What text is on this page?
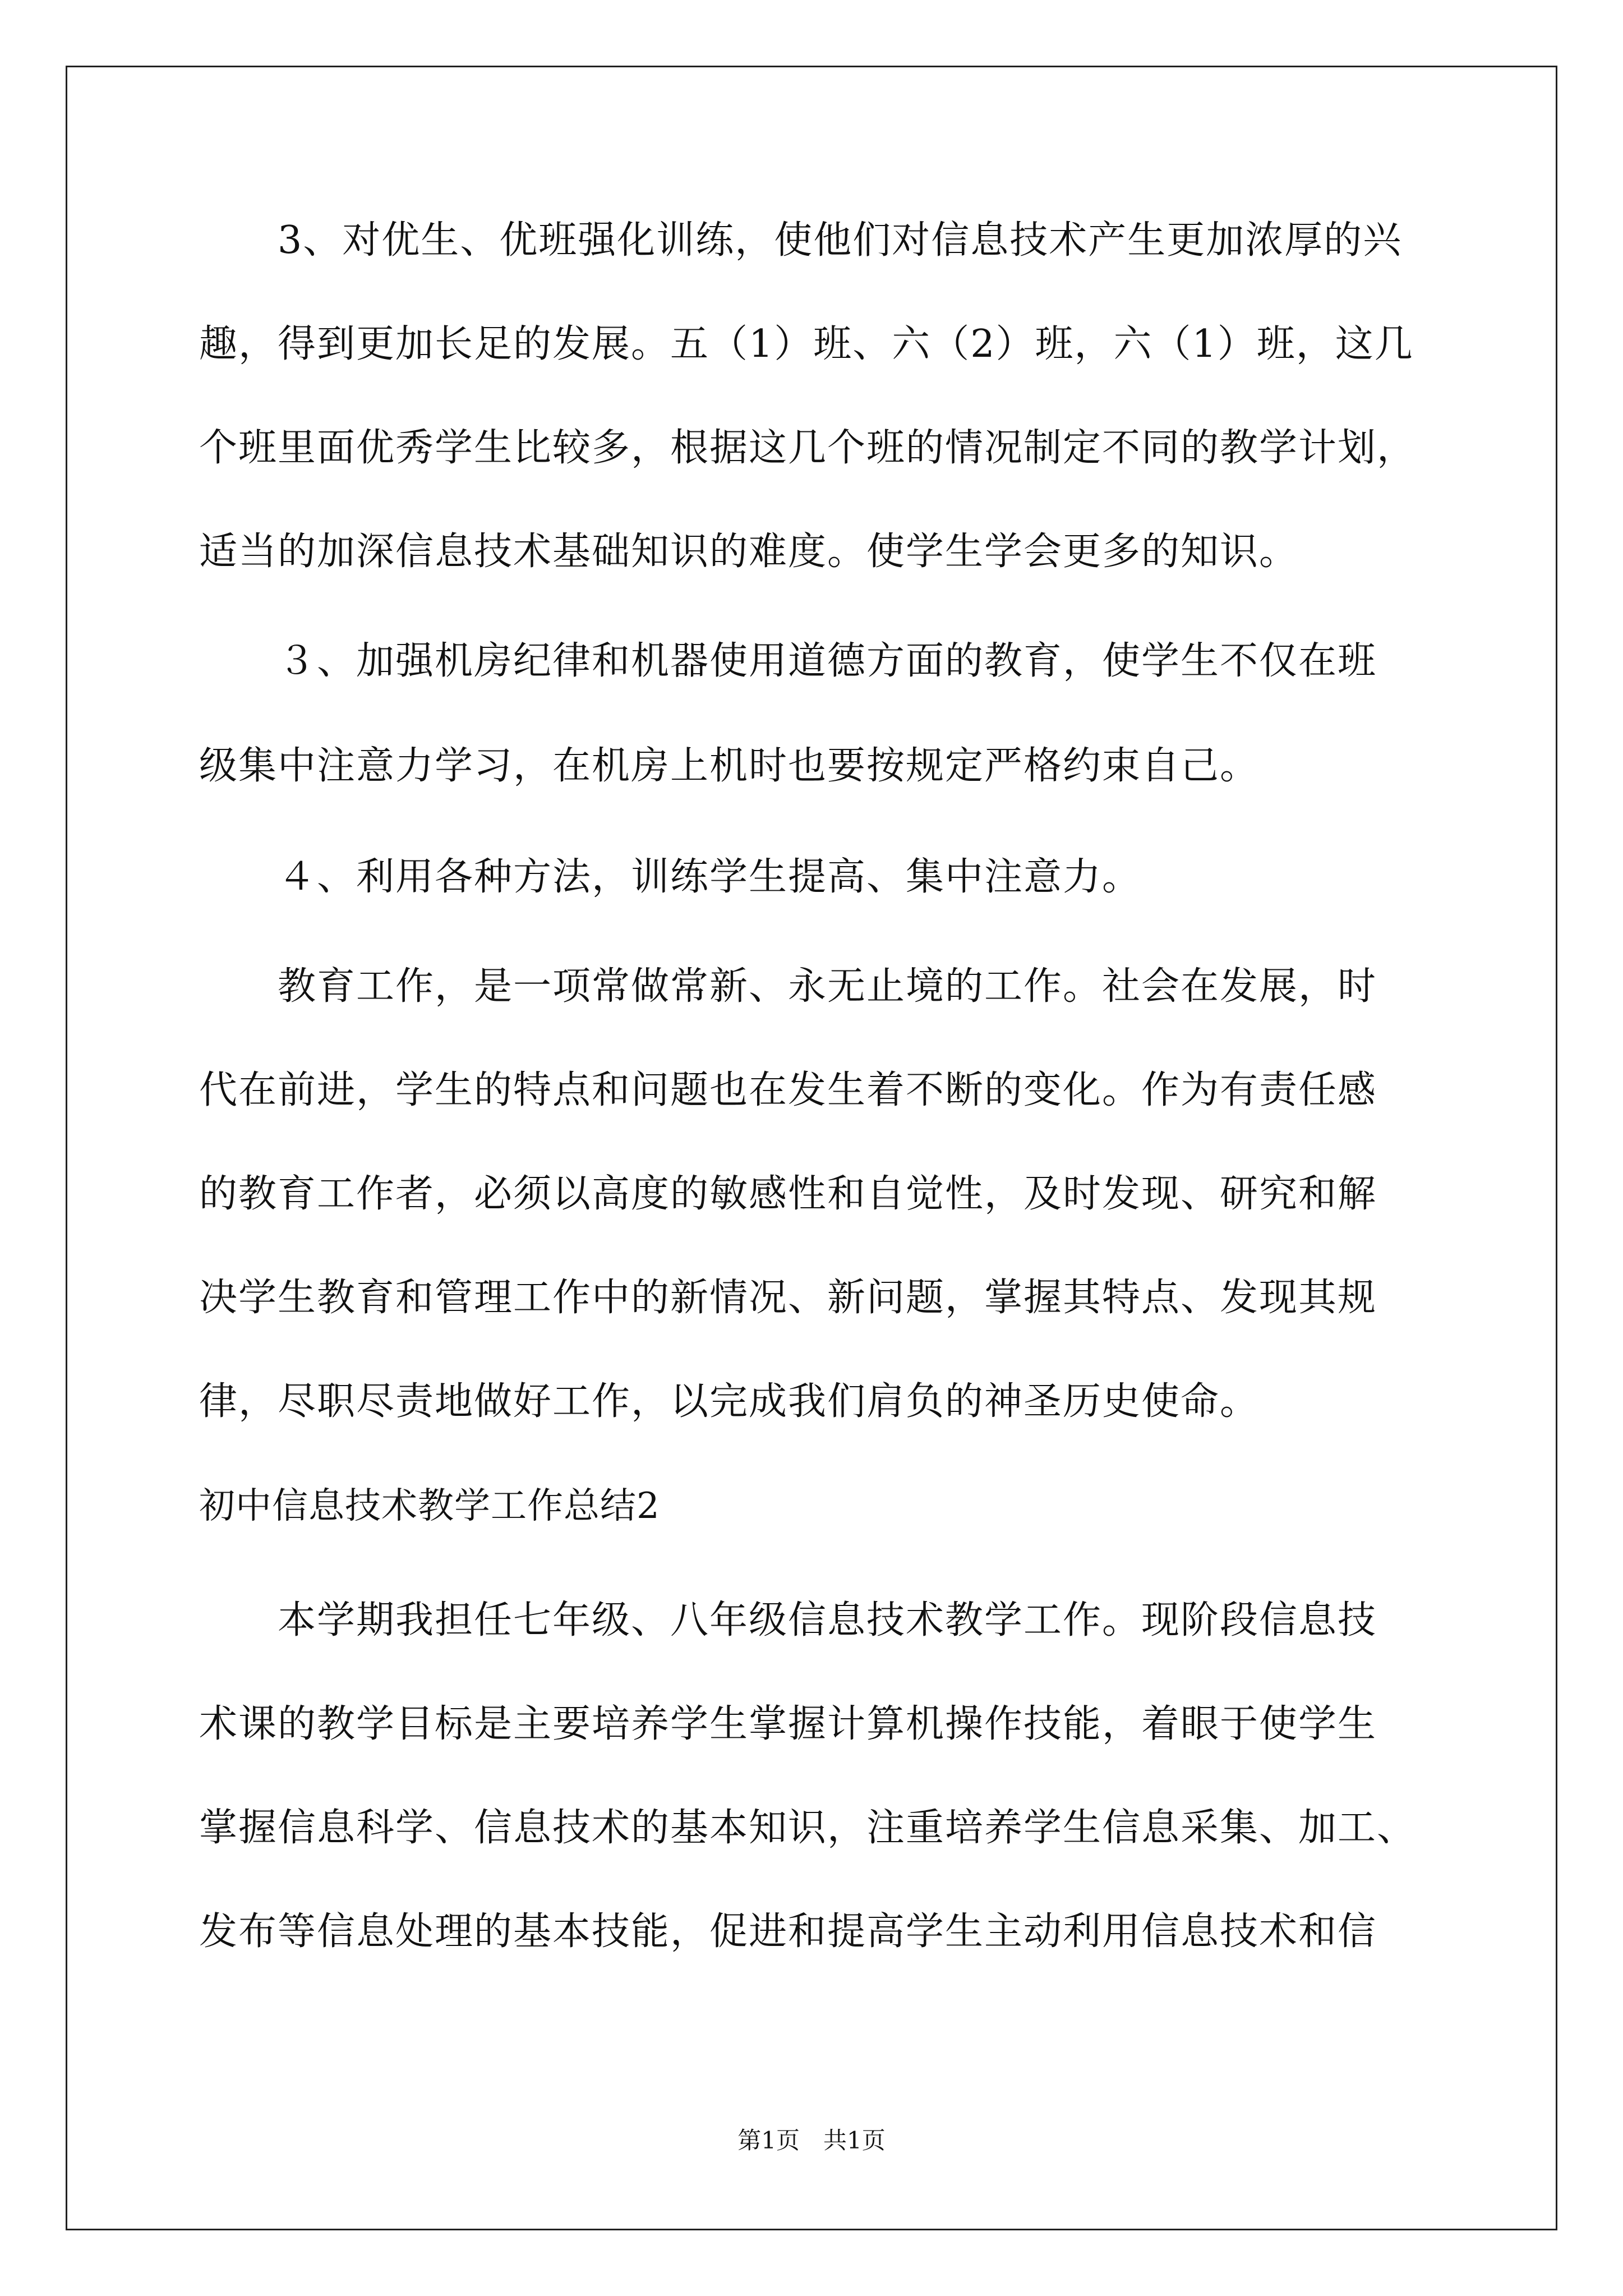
　　3、对优生、优班强化训练，使他们对信息技术产生更加浓厚的兴
趣，得到更加长足的发展。五（1）班、六（2）班，六（1）班，这几
个班里面优秀学生比较多，根据这几个班的情况制定不同的教学计划，
适当的加深信息技术基础知识的难度。使学生学会更多的知识。
　　３、加强机房纪律和机器使用道德方面的教育，使学生不仅在班
级集中注意力学习，在机房上机时也要按规定严格约束自己。
　　４、利用各种方法，训练学生提高、集中注意力。
　　教育工作，是一项常做常新、永无止境的工作。社会在发展，时
代在前进，学生的特点和问题也在发生着不断的变化。作为有责任感
的教育工作者，必须以高度的敏感性和自觉性，及时发现、研究和解
决学生教育和管理工作中的新情况、新问题，掌握其特点、发现其规
律，尽职尽责地做好工作，以完成我们肩负的神圣历史使命。
初中信息技术教学工作总结2
　　本学期我担任七年级、八年级信息技术教学工作。现阶段信息技
术课的教学目标是主要培养学生掌握计算机操作技能，着眼于使学生
掌握信息科学、信息技术的基本知识，注重培养学生信息采集、加工、
发布等信息处理的基本技能，促进和提高学生主动利用信息技术和信
第1页　共1页
